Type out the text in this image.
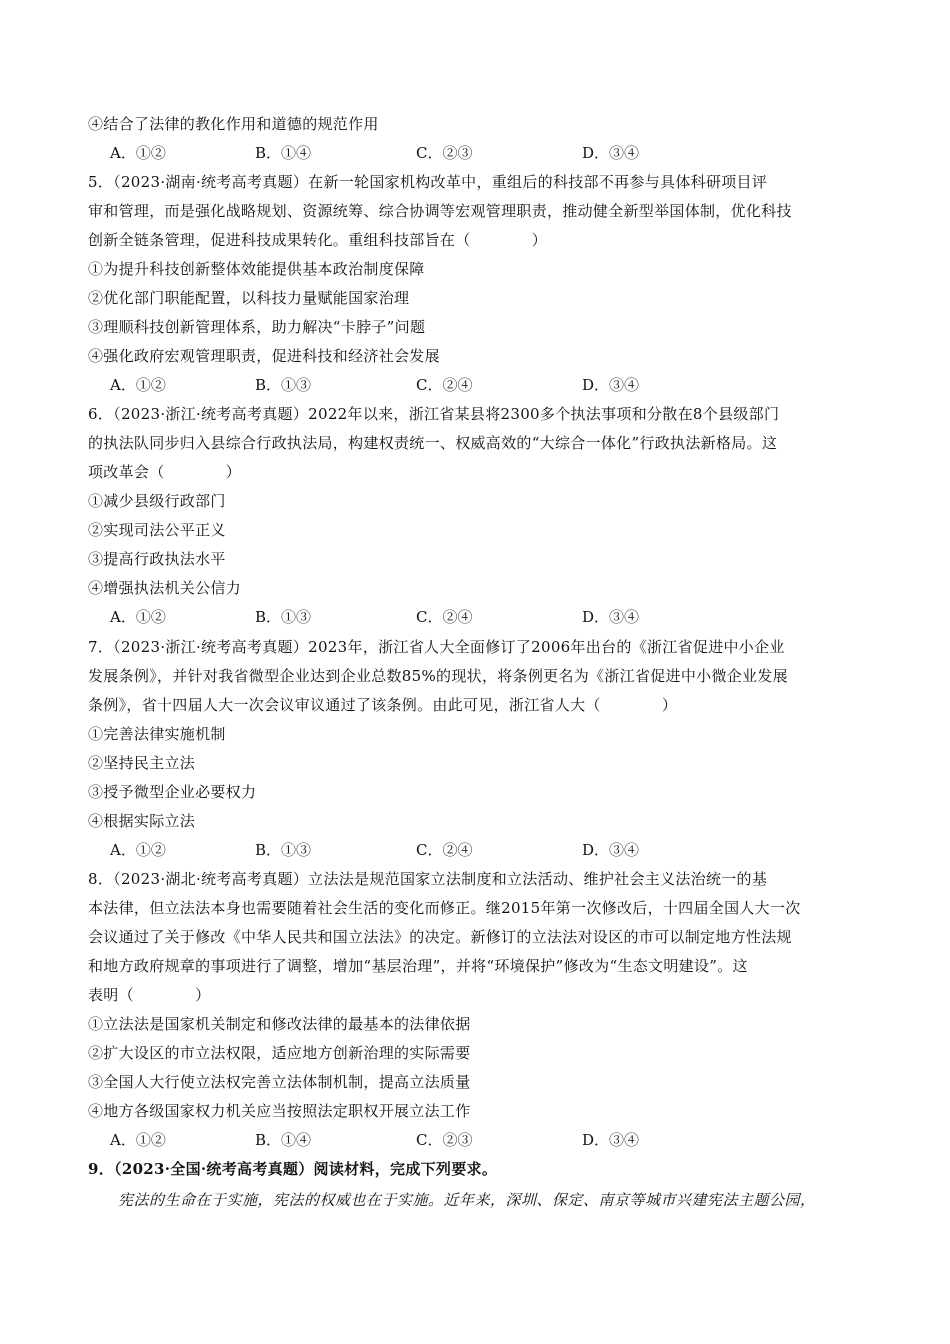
④结合了法律的教化作用和道德的规范作用
A．①②	B．①④	C．②③	D．③④
5．（2023·湖南·统考高考真题）在新一轮国家机构改革中，重组后的科技部不再参与具体科研项目评
审和管理，而是强化战略规划、资源统筹、综合协调等宏观管理职责，推动健全新型举国体制，优化科技
创新全链条管理，促进科技成果转化。重组科技部旨在（　　　　）
①为提升科技创新整体效能提供基本政治制度保障
②优化部门职能配置，以科技力量赋能国家治理
③理顺科技创新管理体系，助力解决“卡脖子”问题
④强化政府宏观管理职责，促进科技和经济社会发展
A．①②	B．①③	C．②④	D．③④
6．（2023·浙江·统考高考真题）2022年以来，浙江省某县将2300多个执法事项和分散在8个县级部门
的执法队同步归入县综合行政执法局，构建权责统一、权威高效的“大综合一体化”行政执法新格局。这
项改革会（　　　　）
①减少县级行政部门
②实现司法公平正义
③提高行政执法水平
④增强执法机关公信力
A．①②	B．①③	C．②④	D．③④
7．（2023·浙江·统考高考真题）2023年，浙江省人大全面修订了2006年出台的《浙江省促进中小企业
发展条例》，并针对我省微型企业达到企业总数85%的现状，将条例更名为《浙江省促进中小微企业发展
条例》，省十四届人大一次会议审议通过了该条例。由此可见，浙江省人大（　　　　）
①完善法律实施机制
②坚持民主立法
③授予微型企业必要权力
④根据实际立法
A．①②	B．①③	C．②④	D．③④
8．（2023·湖北·统考高考真题）立法法是规范国家立法制度和立法活动、维护社会主义法治统一的基
本法律，但立法法本身也需要随着社会生活的变化而修正。继2015年第一次修改后，十四届全国人大一次
会议通过了关于修改《中华人民共和国立法法》的决定。新修订的立法法对设区的市可以制定地方性法规
和地方政府规章的事项进行了调整，增加“基层治理”，并将“环境保护”修改为“生态文明建设”。这
表明（　　　　）
①立法法是国家机关制定和修改法律的最基本的法律依据
②扩大设区的市立法权限，适应地方创新治理的实际需要
③全国人大行使立法权完善立法体制机制，提高立法质量
④地方各级国家权力机关应当按照法定职权开展立法工作
A．①②	B．①④	C．②③	D．③④
9．（2023·全国·统考高考真题）阅读材料，完成下列要求。
宪法的生命在于实施，宪法的权威也在于实施。近年来，深圳、保定、南京等城市兴建宪法主题公园，
